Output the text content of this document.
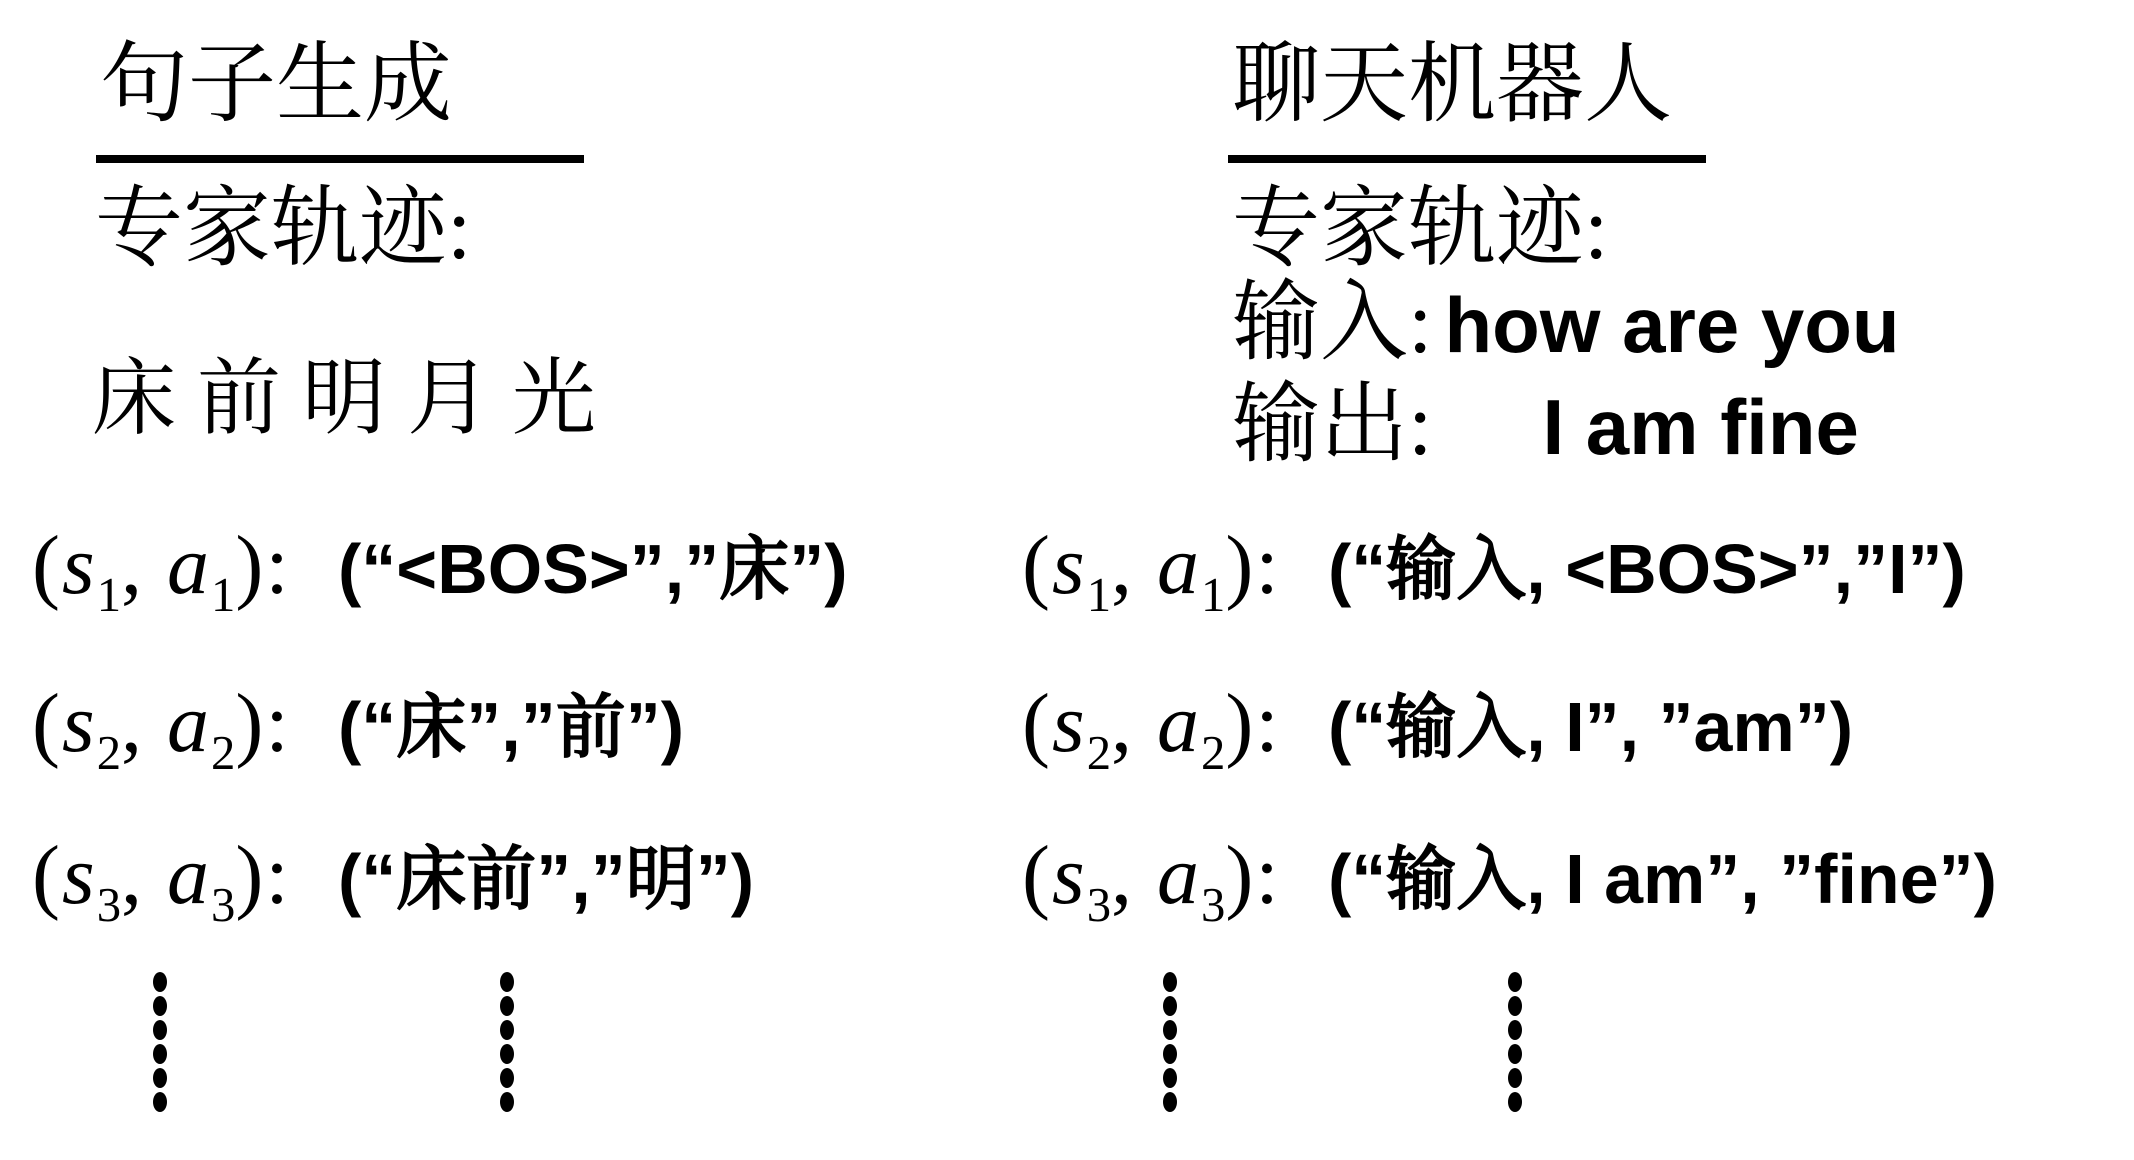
句子生成
专家轨迹:
床 前 明 月 光
($s_1$, $a_1$): (“<BOS>”,”床”)
($s_2$, $a_2$): (“床”,”前”)
($s_3$, $a_3$): (“床前”,”明”)
聊天机器人
专家轨迹:
输入: how are you
输出: I am fine
($s_1$, $a_1$): (“输入, <BOS>”,”I”)
($s_2$, $a_2$): (“输入, I”, ”am”)
($s_3$, $a_3$): (“输入, I am”, ”fine”)
